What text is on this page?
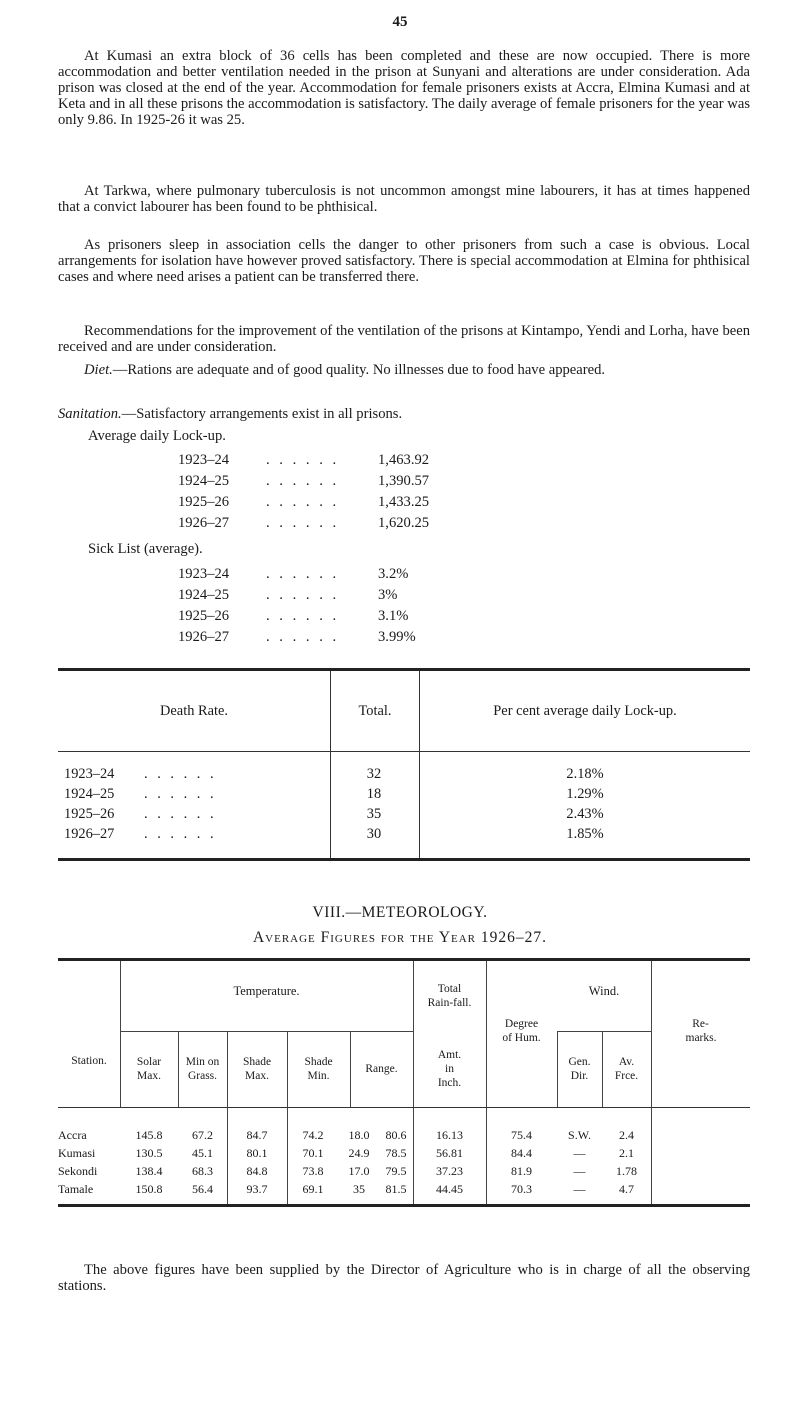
45
At Kumasi an extra block of 36 cells has been completed and these are now occupied. There is more accommodation and better ventilation needed in the prison at Sunyani and alterations are under consideration. Ada prison was closed at the end of the year. Accommodation for female prisoners exists at Accra, Elmina Kumasi and at Keta and in all these prisons the accommodation is satisfactory. The daily average of female prisoners for the year was only 9.86. In 1925-26 it was 25.
At Tarkwa, where pulmonary tuberculosis is not uncommon amongst mine labourers, it has at times happened that a convict labourer has been found to be phthisical.
As prisoners sleep in association cells the danger to other prisoners from such a case is obvious. Local arrangements for isolation have however proved satisfactory. There is special accommodation at Elmina for phthisical cases and where need arises a patient can be transferred there.
Recommendations for the improvement of the ventilation of the prisons at Kintampo, Yendi and Lorha, have been received and are under consideration.
Diet.—Rations are adequate and of good quality. No illnesses due to food have appeared.
Sanitation.—Satisfactory arrangements exist in all prisons.
Average daily Lock-up.
1923–24	. . . . . .	1,463.92
1924–25	. . . . . .	1,390.57
1925–26	. . . . . .	1,433.25
1926–27	. . . . . .	1,620.25
Sick List (average).
1923–24	. . . . . .	3.2%
1924–25	. . . . . .	3%
1925–26	. . . . . .	3.1%
1926–27	. . . . . .	3.99%
Death Rate.	Total.	Per cent average daily Lock-up.
1923–24 . . . . . .	32	2.18%
1924–25 . . . . . .	18	1.29%
1925–26 . . . . . .	35	2.43%
1926–27 . . . . . .	30	1.85%
VIII.—METEOROLOGY.
Average Figures for the Year 1926–27.
Station.
Temperature.	Total Rain-fall.
Degree of Hum.
Wind.
Re-marks.
Solar Max.
Min on Grass.
Shade Max.
Shade Min.
Range.
Amt. in Inch.
Gen. Dir.
Av. Frce.
Accra	145.8	67.2	84.7	74.2	18.0	80.6	16.13	75.4	S.W.	2.4
Kumasi	130.5	45.1	80.1	70.1	24.9	78.5	56.81	84.4	—	2.1
Sekondi	138.4	68.3	84.8	73.8	17.0	79.5	37.23	81.9	—	1.78
Tamale	150.8	56.4	93.7	69.1	35	81.5	44.45	70.3	—	4.7
The above figures have been supplied by the Director of Agriculture who is in charge of all the observing stations.
